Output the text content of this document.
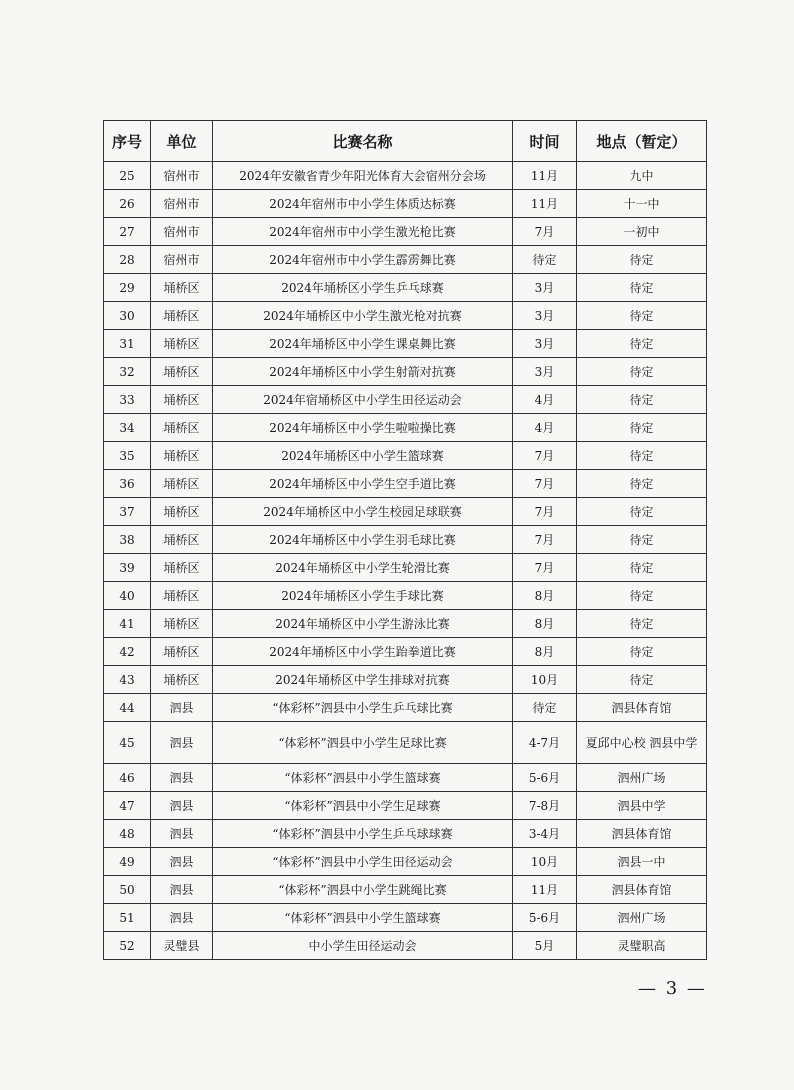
序号	单位	比赛名称	时间	地点（暂定）
25	宿州市	2024年安徽省青少年阳光体育大会宿州分会场	11月	九中
26	宿州市	2024年宿州市中小学生体质达标赛	11月	十一中
27	宿州市	2024年宿州市中小学生激光枪比赛	7月	一初中
28	宿州市	2024年宿州市中小学生霹雳舞比赛	待定	待定
29	埇桥区	2024年埇桥区小学生乒乓球赛	3月	待定
30	埇桥区	2024年埇桥区中小学生激光枪对抗赛	3月	待定
31	埇桥区	2024年埇桥区中小学生课桌舞比赛	3月	待定
32	埇桥区	2024年埇桥区中小学生射箭对抗赛	3月	待定
33	埇桥区	2024年宿埇桥区中小学生田径运动会	4月	待定
34	埇桥区	2024年埇桥区中小学生啦啦操比赛	4月	待定
35	埇桥区	2024年埇桥区中小学生篮球赛	7月	待定
36	埇桥区	2024年埇桥区中小学生空手道比赛	7月	待定
37	埇桥区	2024年埇桥区中小学生校园足球联赛	7月	待定
38	埇桥区	2024年埇桥区中小学生羽毛球比赛	7月	待定
39	埇桥区	2024年埇桥区中小学生轮滑比赛	7月	待定
40	埇桥区	2024年埇桥区小学生手球比赛	8月	待定
41	埇桥区	2024年埇桥区中小学生游泳比赛	8月	待定
42	埇桥区	2024年埇桥区中小学生跆拳道比赛	8月	待定
43	埇桥区	2024年埇桥区中学生排球对抗赛	10月	待定
44	泗县	“体彩杯”泗县中小学生乒乓球比赛	待定	泗县体育馆
45	泗县	“体彩杯”泗县中小学生足球比赛	4-7月	夏邱中心校 泗县中学
46	泗县	“体彩杯”泗县中小学生篮球赛	5-6月	泗州广场
47	泗县	“体彩杯”泗县中小学生足球赛	7-8月	泗县中学
48	泗县	“体彩杯”泗县中小学生乒乓球球赛	3-4月	泗县体育馆
49	泗县	“体彩杯”泗县中小学生田径运动会	10月	泗县一中
50	泗县	“体彩杯”泗县中小学生跳绳比赛	11月	泗县体育馆
51	泗县	“体彩杯”泗县中小学生篮球赛	5-6月	泗州广场
52	灵璧县	中小学生田径运动会	5月	灵璧职高
— 3 —
